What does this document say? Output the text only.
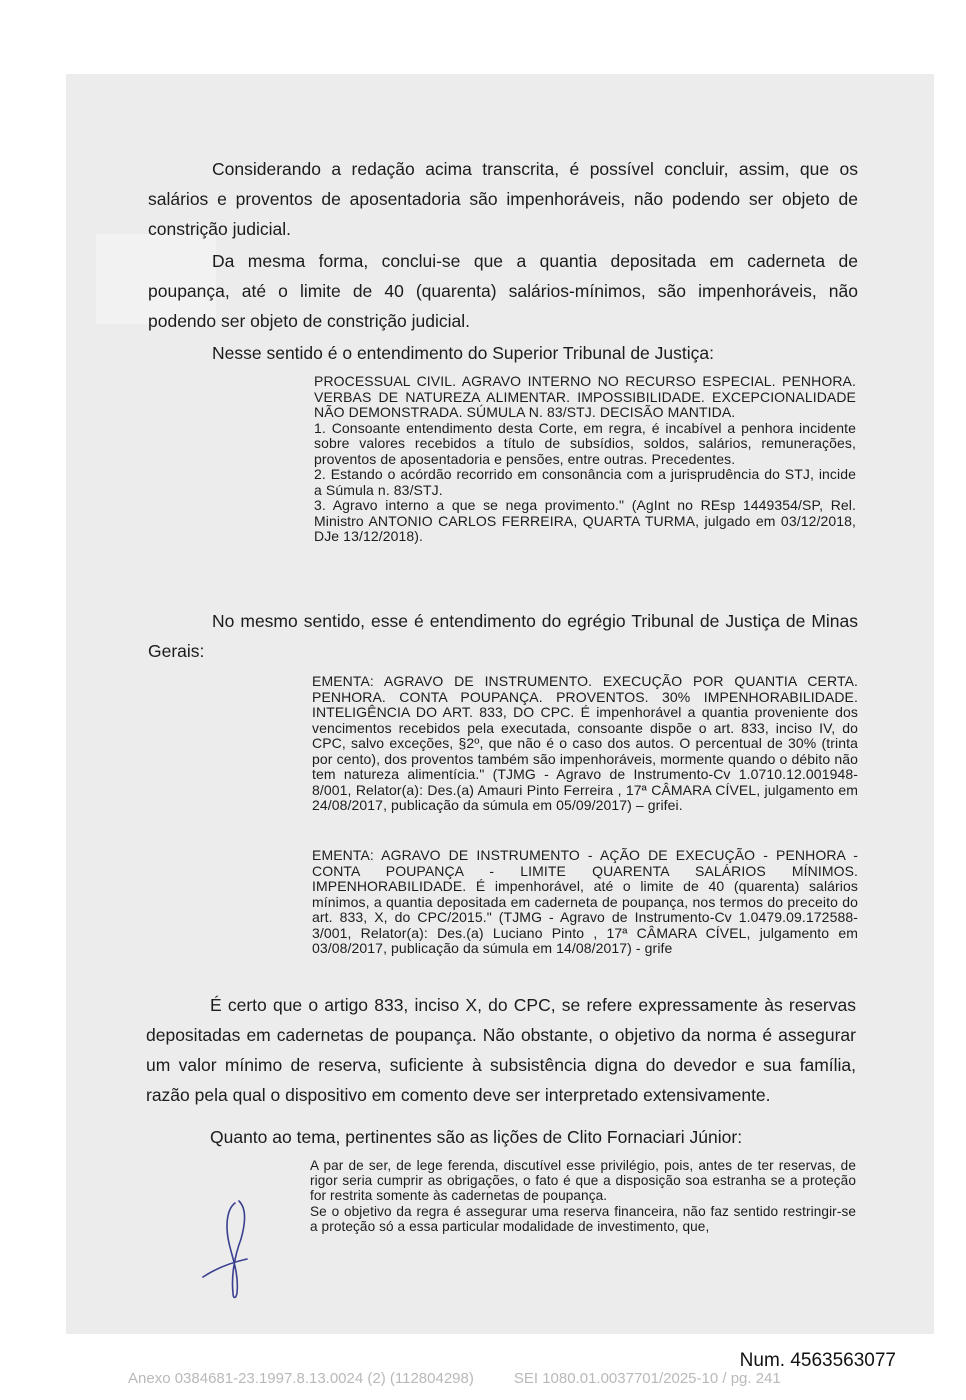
Considerando a redação acima transcrita, é possível concluir, assim, que os salários e proventos de aposentadoria são impenhoráveis, não podendo ser objeto de constrição judicial.
Da mesma forma, conclui-se que a quantia depositada em caderneta de poupança, até o limite de 40 (quarenta) salários-mínimos, são impenhoráveis, não podendo ser objeto de constrição judicial.
Nesse sentido é o entendimento do Superior Tribunal de Justiça:

PROCESSUAL CIVIL. AGRAVO INTERNO NO RECURSO ESPECIAL. PENHORA. VERBAS DE NATUREZA ALIMENTAR. IMPOSSIBILIDADE. EXCEPCIONALIDADE NÃO DEMONSTRADA. SÚMULA N. 83/STJ. DECISÃO MANTIDA.

1. Consoante entendimento desta Corte, em regra, é incabível a penhora incidente sobre valores recebidos a título de subsídios, soldos, salários, remunerações, proventos de aposentadoria e pensões, entre outras. Precedentes.

2. Estando o acórdão recorrido em consonância com a jurisprudência do STJ, incide a Súmula n. 83/STJ.

3. Agravo interno a que se nega provimento." (AgInt no REsp 1449354/SP, Rel. Ministro ANTONIO CARLOS FERREIRA, QUARTA TURMA, julgado em 03/12/2018, DJe 13/12/2018).

No mesmo sentido, esse é entendimento do egrégio Tribunal de Justiça de Minas Gerais:
EMENTA: AGRAVO DE INSTRUMENTO. EXECUÇÃO POR QUANTIA CERTA. PENHORA. CONTA POUPANÇA. PROVENTOS. 30% IMPENHORABILIDADE. INTELIGÊNCIA DO ART. 833, DO CPC. É impenhorável a quantia proveniente dos vencimentos recebidos pela executada, consoante dispõe o art. 833, inciso IV, do CPC, salvo exceções, §2º, que não é o caso dos autos. O percentual de 30% (trinta por cento), dos proventos também são impenhoráveis, mormente quando o débito não tem natureza alimentícia." (TJMG - Agravo de Instrumento-Cv 1.0710.12.001948-8/001, Relator(a): Des.(a) Amauri Pinto Ferreira , 17ª CÂMARA CÍVEL, julgamento em 24/08/2017, publicação da súmula em 05/09/2017) – grifei.
EMENTA: AGRAVO DE INSTRUMENTO - AÇÃO DE EXECUÇÃO - PENHORA - CONTA POUPANÇA - LIMITE QUARENTA SALÁRIOS MÍNIMOS. IMPENHORABILIDADE. É impenhorável, até o limite de 40 (quarenta) salários mínimos, a quantia depositada em caderneta de poupança, nos termos do preceito do art. 833, X, do CPC/2015." (TJMG - Agravo de Instrumento-Cv 1.0479.09.172588-3/001, Relator(a): Des.(a) Luciano Pinto , 17ª CÂMARA CÍVEL, julgamento em 03/08/2017, publicação da súmula em 14/08/2017) - grife
É certo que o artigo 833, inciso X, do CPC, se refere expressamente às reservas depositadas em cadernetas de poupança. Não obstante, o objetivo da norma é assegurar um valor mínimo de reserva, suficiente à subsistência digna do devedor e sua família, razão pela qual o dispositivo em comento deve ser interpretado extensivamente.
Quanto ao tema, pertinentes são as lições de Clito Fornaciari Júnior:

A par de ser, de lege ferenda, discutível esse privilégio, pois, antes de ter reservas, de rigor seria cumprir as obrigações, o fato é que a disposição soa estranha se a proteção for restrita somente às cadernetas de poupança.

Se o objetivo da regra é assegurar uma reserva financeira, não faz sentido restringir-se a proteção só a essa particular modalidade de investimento, que,

Num. 4563563077
Anexo 0384681-23.1997.8.13.0024 (2) (112804298)	SEI 1080.01.0037701/2025-10 / pg. 241
